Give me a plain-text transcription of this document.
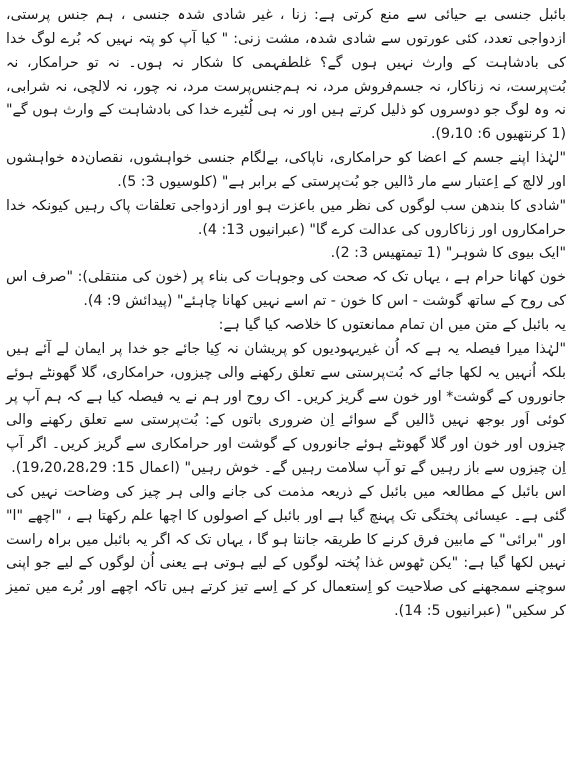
بائبل جنسی بے حیائی سے منع کرتی ہے: زنا ، غیر شادی شدہ جنسی ، ہم جنس پرستی، ازدواجی تعدد، کئی عورتوں سے شادی شدہ، مشت زنی: " کیا آپ کو پتہ نہیں کہ بُرے لوگ خدا کی بادشاہت کے وارث نہیں ہوں گے؟ غلطفہمی کا شکار نہ ہوں۔ نہ تو حرامکار، نہ بُت‌پرست، نہ زناکار، نہ جسم‌فروش مرد، نہ ہم‌جنس‌پرست مرد، نہ چور، نہ لالچی، نہ شرابی، نہ وہ لوگ جو دوسروں کو ذلیل کرتے ہیں اور نہ ہی لُٹیرے خدا کی بادشاہت کے وارث ہوں گے" (1 کرنتھیوں 6: 9،10).

"لہٰذا اپنے جسم کے اعضا کو حرامکاری، ناپاکی، بےلگام جنسی خواہشوں، نقصان‌دہ خواہشوں اور لالچ کے اِعتبار سے مار ڈالیں جو بُت‌پرستی کے برابر ہے" (کلوسیوں 3: 5).

"شادی کا بندھن سب لوگوں کی نظر میں باعزت ہو اور ازدواجی تعلقات پاک رہیں کیونکہ خدا حرامکاروں اور زناکاروں کی عدالت کرے گا" (عبرانیوں 13: 4).

"ایک بیوی کا شوہر" (1 تیمتھیس 3: 2).

خون کھانا حرام ہے ، یہاں تک کہ صحت کی وجوہات کی بناء پر (خون کی منتقلی): "صرف اس کی روح کے ساتھ گوشت - اس کا خون - تم اسے نہیں کھانا چاہئے" (پیدائش 9: 4).

یہ بائبل کے متن میں ان تمام ممانعتوں کا خلاصہ کیا گیا ہے:

"لہٰذا میرا فیصلہ یہ ہے کہ اُن غیریہودیوں کو پریشان نہ کِیا جائے جو خدا پر ایمان لے آئے ہیں بلکہ اُنہیں یہ لکھا جائے کہ بُت‌پرستی سے تعلق رکھنے والی چیزوں، حرامکاری، گلا گھونٹے ہوئے جانوروں کے گوشت* اور خون سے گریز کریں۔ اک روح اور ہم نے یہ فیصلہ کیا ہے کہ ہم آپ پر کوئی اَور بوجھ نہیں ڈالیں گے سوائے اِن ضروری باتوں کے: بُت‌پرستی سے تعلق رکھنے والی چیزوں اور خون اور گلا گھونٹے ہوئے جانوروں کے گوشت اور حرامکاری سے گریز کریں۔ اگر آپ اِن چیزوں سے باز رہیں گے تو آپ سلامت رہیں گے۔ خوش رہیں" (اعمال 15: 19،20،28،29).

اس بائبل کے مطالعہ میں بائبل کے ذریعہ مذمت کی جانے والی ہر چیز کی وضاحت نہیں کی گئی ہے۔ عیسائی پختگی تک پہنچ گیا ہے اور بائبل کے اصولوں کا اچھا علم رکھتا ہے ، "اچھے "ا" اور "برائی" کے مابین فرق کرنے کا طریقہ جانتا ہو گا ، یہاں تک کہ اگر یہ بائبل میں براہ راست نہیں لکھا گیا ہے: "یکن ٹھوس غذا پُختہ لوگوں کے لیے ہوتی ہے یعنی اُن لوگوں کے لیے جو اپنی سوچنے سمجھنے کی صلاحیت کو اِستعمال کر کے اِسے تیز کرتے ہیں تاکہ اچھے اور بُرے میں تمیز کر سکیں" (عبرانیوں 5: 14).
